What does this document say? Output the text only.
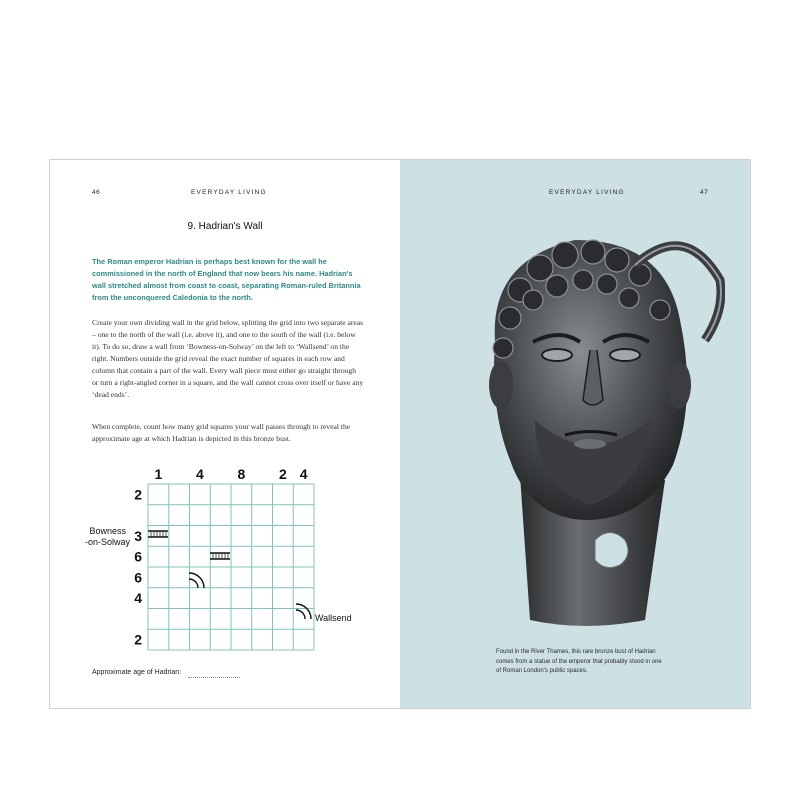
46	EVERYDAY LIVING
9. Hadrian's Wall
The Roman emperor Hadrian is perhaps best known for the wall he commissioned in the north of England that now bears his name. Hadrian's wall stretched almost from coast to coast, separating Roman-ruled Britannia from the unconquered Caledonia to the north.
Create your own dividing wall in the grid below, splitting the grid into two separate areas – one to the north of the wall (i.e. above it), and one to the south of the wall (i.e. below it). To do so, draw a wall from ‘Bowness-on-Solway’ on the left to ‘Wallsend’ on the right. Numbers outside the grid reveal the exact number of squares in each row and column that contain a part of the wall. Every wall piece must either go straight through or turn a right-angled corner in a square, and the wall cannot cross over itself or have any ‘dead ends’.
When complete, count how many grid squares your wall passes through to reveal the approximate age at which Hadrian is depicted in this bronze bust.
1 4 8 2 4
2
3
6
6
4
2
Bowness
-on-Solway
Wallsend
Approximate age of Hadrian:
EVERYDAY LIVING	47
Found in the River Thames, this rare bronze bust of Hadrian comes from a statue of the emperor that probably stood in one of Roman London's public spaces.
